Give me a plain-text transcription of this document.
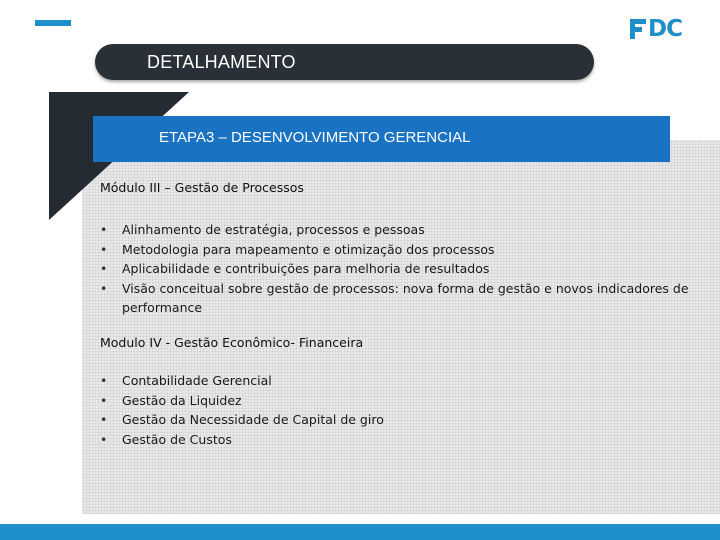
DC
DETALHAMENTO
ETAPA3 – DESENVOLVIMENTO GERENCIAL
Módulo III – Gestão de Processos
• Alinhamento de estratégia, processos e pessoas
• Metodologia para mapeamento e otimização dos processos
• Aplicabilidade e contribuições para melhoria de resultados
• Visão conceitual sobre gestão de processos: nova forma de gestão e novos indicadores de performance
Modulo IV - Gestão Econômico- Financeira
• Contabilidade Gerencial
• Gestão da Liquidez
• Gestão da Necessidade de Capital de giro
• Gestão de Custos
